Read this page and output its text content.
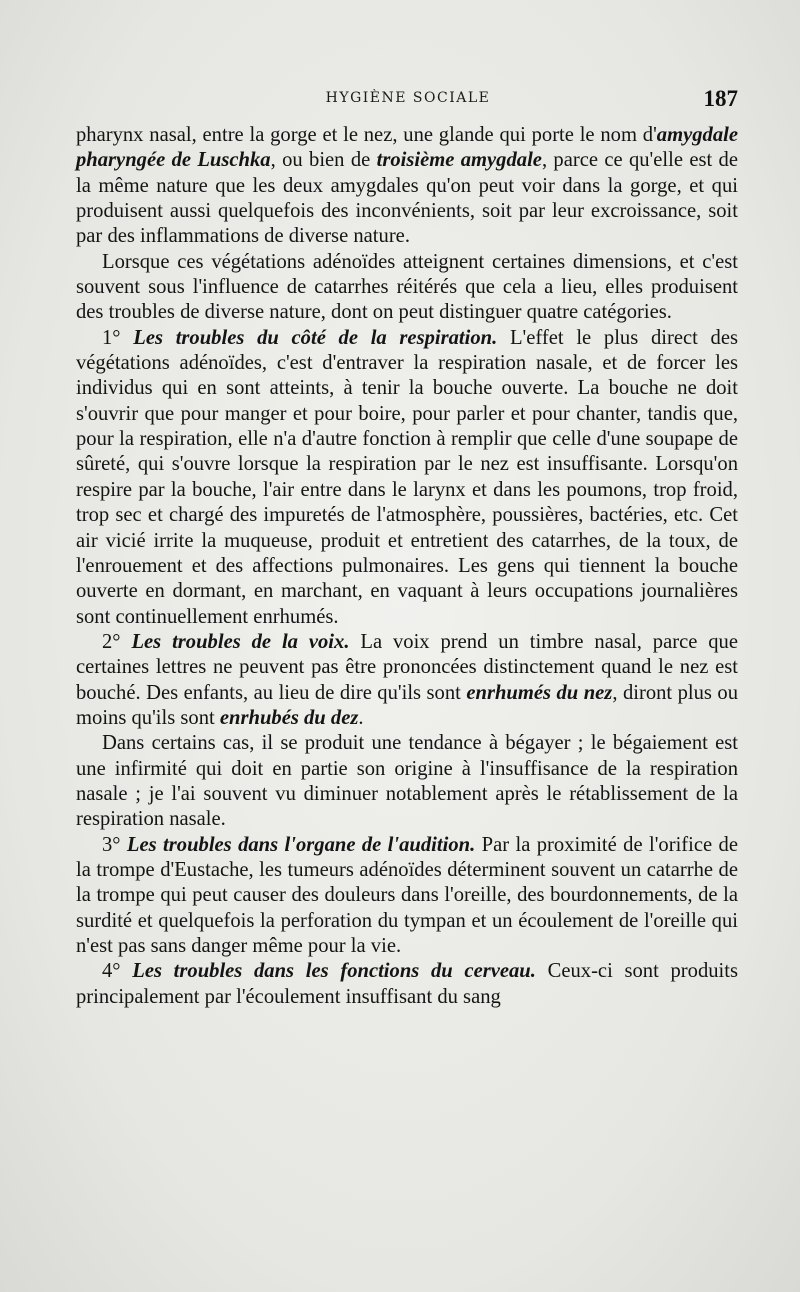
HYGIÈNE SOCIALE	187

pharynx nasal, entre la gorge et le nez, une glande qui porte le nom d'amygdale pharyngée de Luschka, ou bien de troisième amygdale, parce ce qu'elle est de la même nature que les deux amygdales qu'on peut voir dans la gorge, et qui produisent aussi quelquefois des inconvénients, soit par leur excroissance, soit par des inflammations de diverse nature.

Lorsque ces végétations adénoïdes atteignent certaines dimensions, et c'est souvent sous l'influence de catarrhes réitérés que cela a lieu, elles produisent des troubles de diverse nature, dont on peut distinguer quatre catégories.

1° Les troubles du côté de la respiration. L'effet le plus direct des végétations adénoïdes, c'est d'entraver la respiration nasale, et de forcer les individus qui en sont atteints, à tenir la bouche ouverte. La bouche ne doit s'ouvrir que pour manger et pour boire, pour parler et pour chanter, tandis que, pour la respiration, elle n'a d'autre fonction à remplir que celle d'une soupape de sûreté, qui s'ouvre lorsque la respiration par le nez est insuffisante. Lorsqu'on respire par la bouche, l'air entre dans le larynx et dans les poumons, trop froid, trop sec et chargé des impuretés de l'atmosphère, poussières, bactéries, etc. Cet air vicié irrite la muqueuse, produit et entretient des catarrhes, de la toux, de l'enrouement et des affections pulmonaires. Les gens qui tiennent la bouche ouverte en dormant, en marchant, en vaquant à leurs occupations journalières sont continuellement enrhumés.

2° Les troubles de la voix. La voix prend un timbre nasal, parce que certaines lettres ne peuvent pas être prononcées distinctement quand le nez est bouché. Des enfants, au lieu de dire qu'ils sont enrhumés du nez, diront plus ou moins qu'ils sont enrhubés du dez.

Dans certains cas, il se produit une tendance à bégayer ; le bégaiement est une infirmité qui doit en partie son origine à l'insuffisance de la respiration nasale ; je l'ai souvent vu diminuer notablement après le rétablissement de la respiration nasale.

3° Les troubles dans l'organe de l'audition. Par la proximité de l'orifice de la trompe d'Eustache, les tumeurs adénoïdes déterminent souvent un catarrhe de la trompe qui peut causer des douleurs dans l'oreille, des bourdonnements, de la surdité et quelquefois la perforation du tympan et un écoulement de l'oreille qui n'est pas sans danger même pour la vie.

4° Les troubles dans les fonctions du cerveau. Ceux-ci sont produits principalement par l'écoulement insuffisant du sang
